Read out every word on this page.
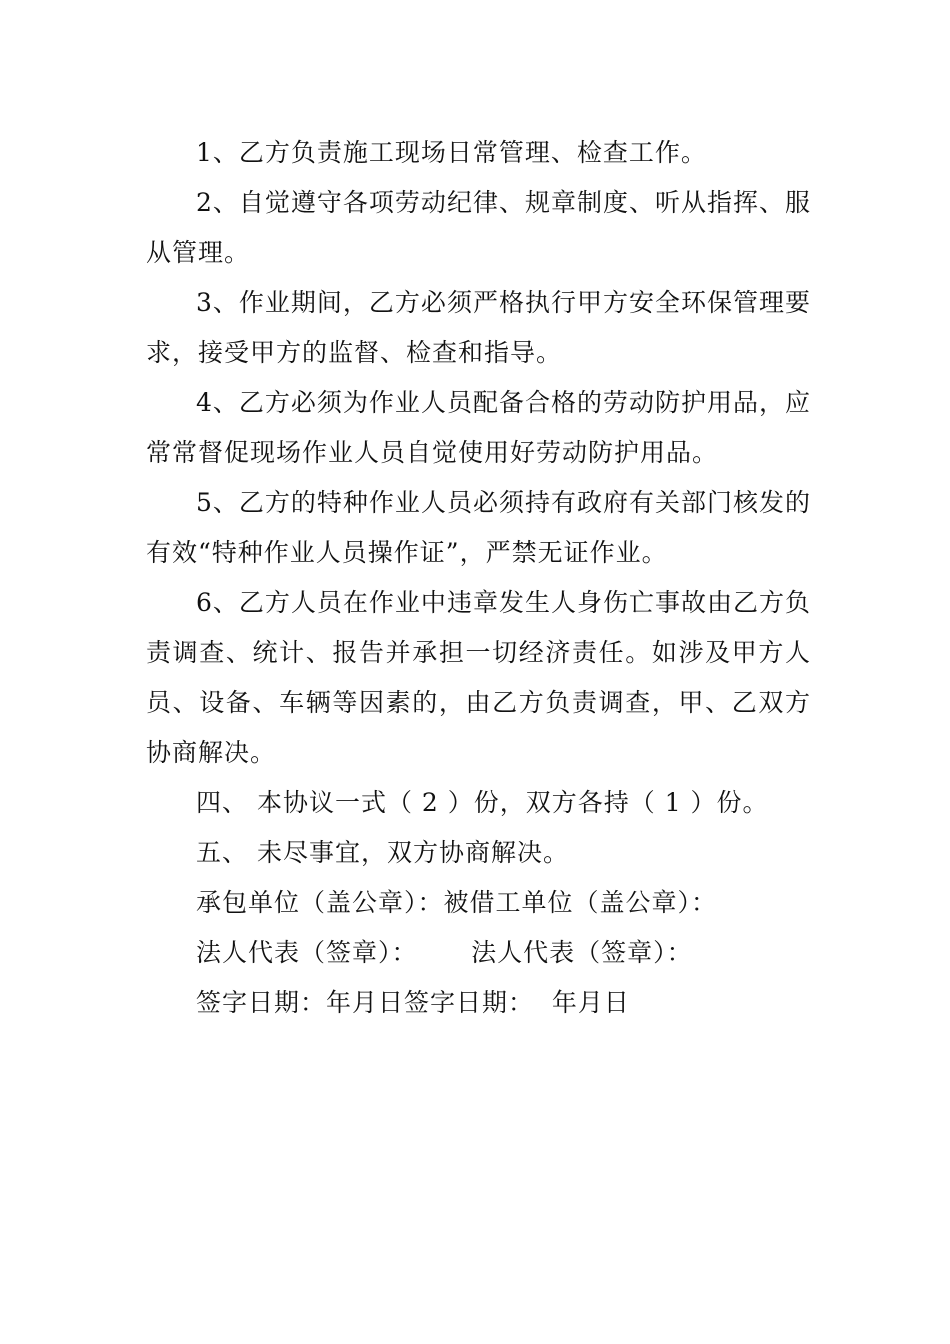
1、乙方负责施工现场日常管理、检查工作。

2、自觉遵守各项劳动纪律、规章制度、听从指挥、服从管理。

3、作业期间，乙方必须严格执行甲方安全环保管理要求，接受甲方的监督、检查和指导。

4、乙方必须为作业人员配备合格的劳动防护用品，应常常督促现场作业人员自觉使用好劳动防护用品。

5、乙方的特种作业人员必须持有政府有关部门核发的有效“特种作业人员操作证”，严禁无证作业。

6、乙方人员在作业中违章发生人身伤亡事故由乙方负责调查、统计、报告并承担一切经济责任。如涉及甲方人员、设备、车辆等因素的，由乙方负责调查，甲、乙双方协商解决。

四、 本协议一式（ 2 ）份，双方各持（ 1 ）份。

五、 未尽事宜，双方协商解决。

承包单位（盖公章）：被借工单位（盖公章）：

法人代表（签章）：      法人代表（签章）：

签字日期：年月日签字日期：  年月日
